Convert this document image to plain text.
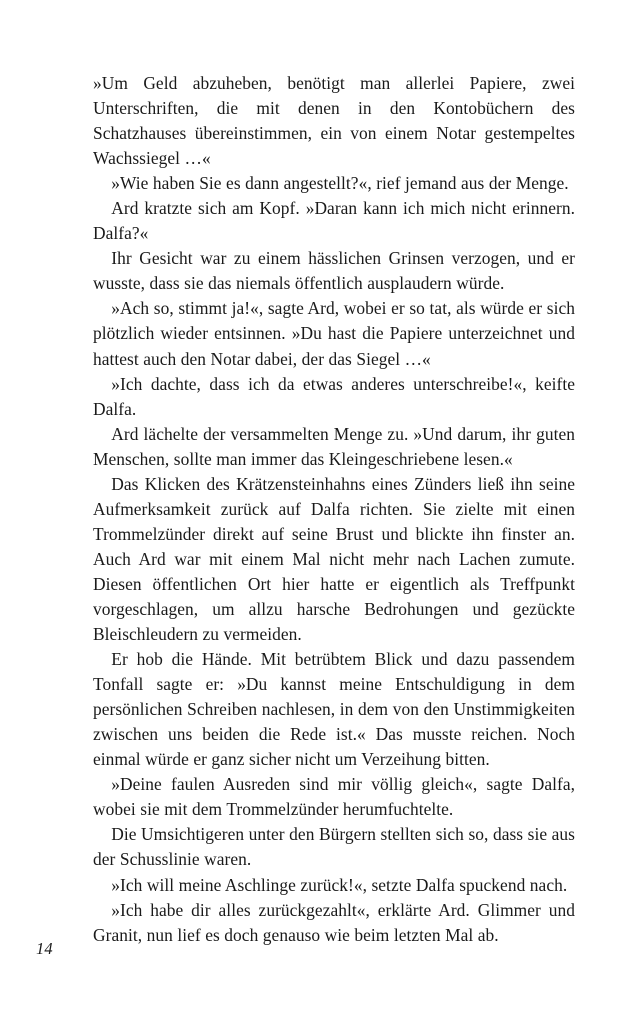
»Um Geld abzuheben, benötigt man allerlei Papiere, zwei Unterschriften, die mit denen in den Kontobüchern des Schatzhauses übereinstimmen, ein von einem Notar gestempeltes Wachssiegel …«

»Wie haben Sie es dann angestellt?«, rief jemand aus der Menge.

Ard kratzte sich am Kopf. »Daran kann ich mich nicht erinnern. Dalfa?«

Ihr Gesicht war zu einem hässlichen Grinsen verzogen, und er wusste, dass sie das niemals öffentlich ausplaudern würde.

»Ach so, stimmt ja!«, sagte Ard, wobei er so tat, als würde er sich plötzlich wieder entsinnen. »Du hast die Papiere unterzeichnet und hattest auch den Notar dabei, der das Siegel …«

»Ich dachte, dass ich da etwas anderes unterschreibe!«, keifte Dalfa.

Ard lächelte der versammelten Menge zu. »Und darum, ihr guten Menschen, sollte man immer das Kleingeschriebene lesen.«

Das Klicken des Krätzensteinhahns eines Zünders ließ ihn seine Aufmerksamkeit zurück auf Dalfa richten. Sie zielte mit einen Trommelzünder direkt auf seine Brust und blickte ihn finster an. Auch Ard war mit einem Mal nicht mehr nach Lachen zumute. Diesen öffentlichen Ort hier hatte er eigentlich als Treffpunkt vorgeschlagen, um allzu harsche Bedrohungen und gezückte Bleischleudern zu vermeiden.

Er hob die Hände. Mit betrübtem Blick und dazu passendem Tonfall sagte er: »Du kannst meine Entschuldigung in dem persönlichen Schreiben nachlesen, in dem von den Unstimmigkeiten zwischen uns beiden die Rede ist.« Das musste reichen. Noch einmal würde er ganz sicher nicht um Verzeihung bitten.

»Deine faulen Ausreden sind mir völlig gleich«, sagte Dalfa, wobei sie mit dem Trommelzünder herumfuchtelte.

Die Umsichtigeren unter den Bürgern stellten sich so, dass sie aus der Schusslinie waren.

»Ich will meine Aschlinge zurück!«, setzte Dalfa spuckend nach.

»Ich habe dir alles zurückgezahlt«, erklärte Ard. Glimmer und Granit, nun lief es doch genauso wie beim letzten Mal ab.

14
